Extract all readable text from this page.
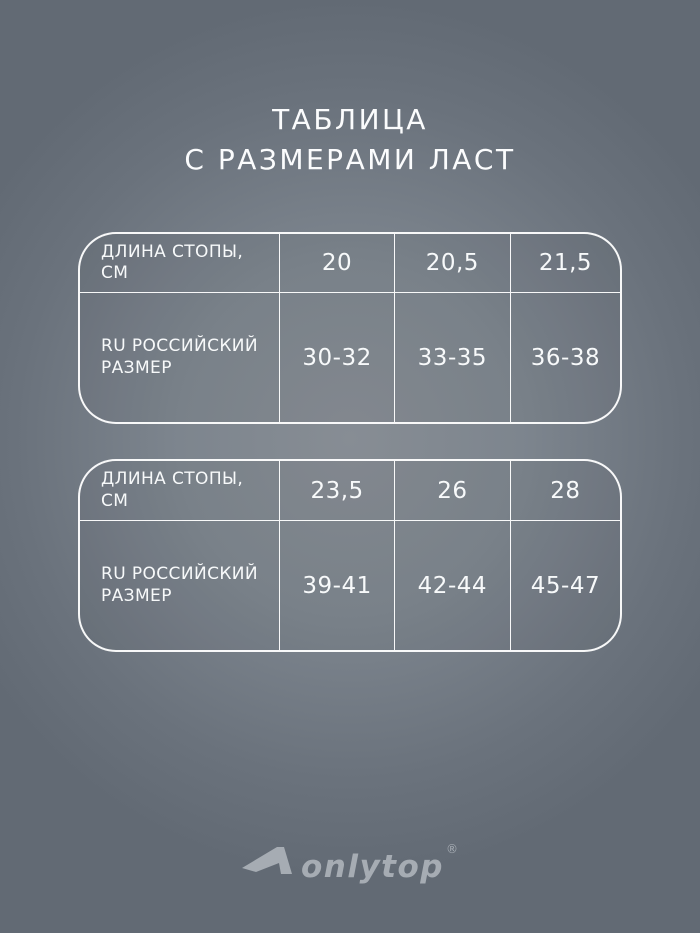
ТАБЛИЦА
С РАЗМЕРАМИ ЛАСТ
ДЛИНА СТОПЫ, СМ	20	20,5	21,5
RU РОССИЙСКИЙ РАЗМЕР	30-32	33-35	36-38
ДЛИНА СТОПЫ, СМ	23,5	26	28
RU РОССИЙСКИЙ РАЗМЕР	39-41	42-44	45-47
onlytop ®
